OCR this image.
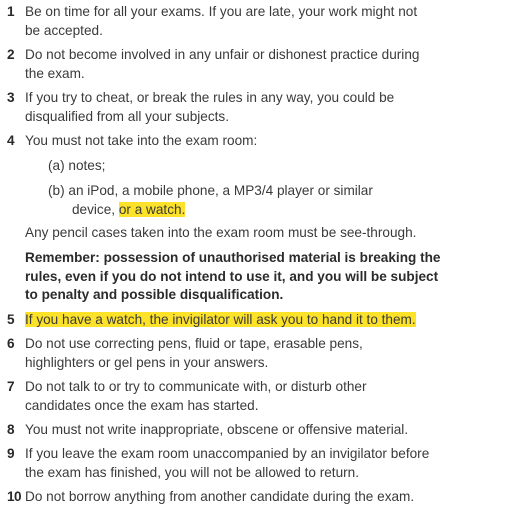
1 Be on time for all your exams. If you are late, your work might not
be accepted.
2 Do not become involved in any unfair or dishonest practice during
the exam.
3 If you try to cheat, or break the rules in any way, you could be
disqualified from all your subjects.
4 You must not take into the exam room:
(a) notes;
(b) an iPod, a mobile phone, a MP3/4 player or similar
device, or a watch.
Any pencil cases taken into the exam room must be see-through.
Remember: possession of unauthorised material is breaking the
rules, even if you do not intend to use it, and you will be subject
to penalty and possible disqualification.
5 If you have a watch, the invigilator will ask you to hand it to them.
6 Do not use correcting pens, fluid or tape, erasable pens,
highlighters or gel pens in your answers.
7 Do not talk to or try to communicate with, or disturb other
candidates once the exam has started.
8 You must not write inappropriate, obscene or offensive material.
9 If you leave the exam room unaccompanied by an invigilator before
the exam has finished, you will not be allowed to return.
10 Do not borrow anything from another candidate during the exam.
